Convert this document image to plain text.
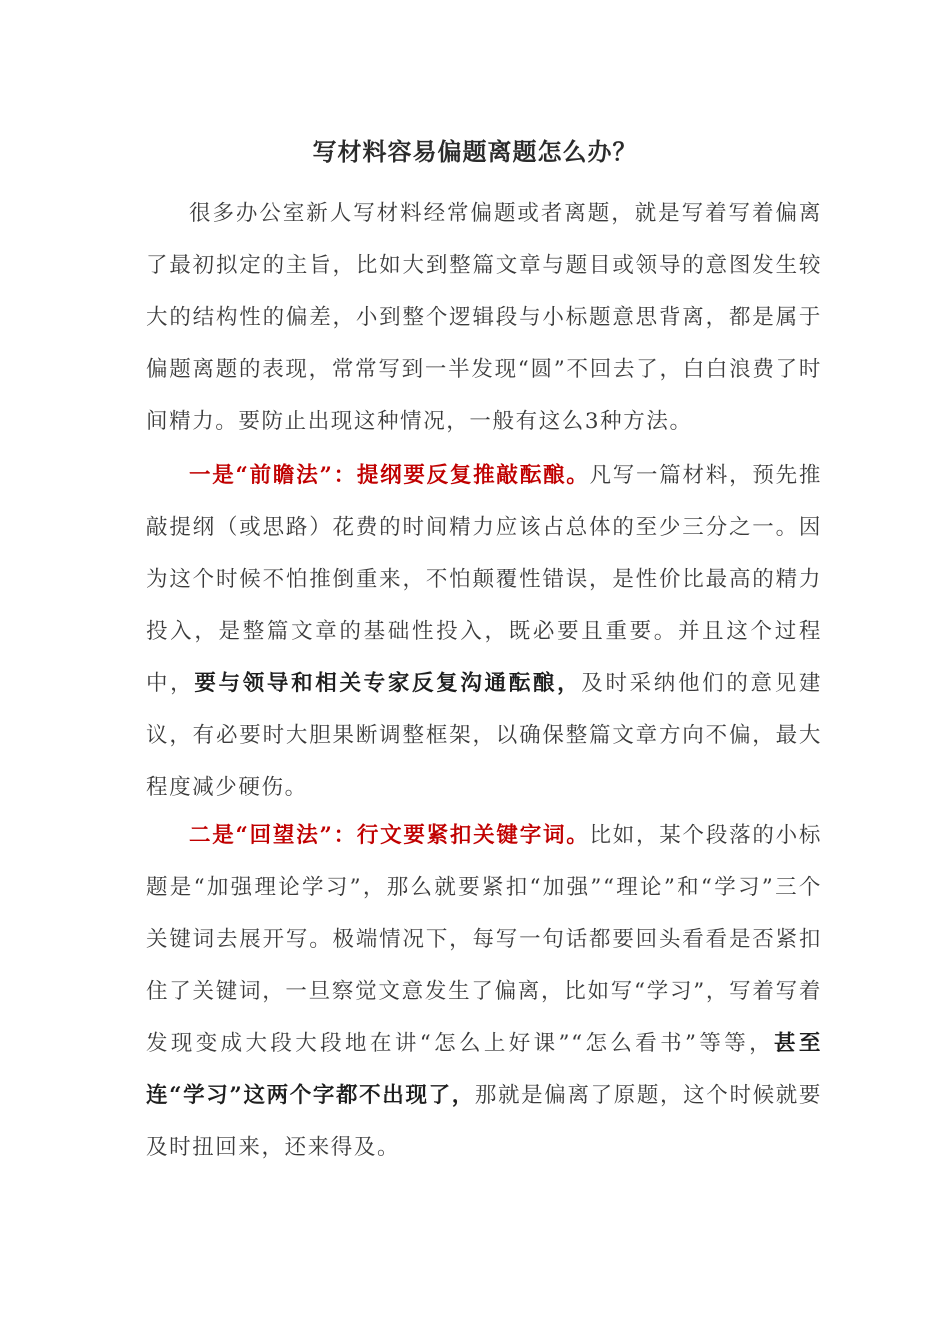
写材料容易偏题离题怎么办？

很多办公室新人写材料经常偏题或者离题，就是写着写着偏离了最初拟定的主旨，比如大到整篇文章与题目或领导的意图发生较大的结构性的偏差，小到整个逻辑段与小标题意思背离，都是属于偏题离题的表现，常常写到一半发现“圆”不回去了，白白浪费了时间精力。要防止出现这种情况，一般有这么3种方法。

一是“前瞻法”：提纲要反复推敲酝酿。凡写一篇材料，预先推敲提纲（或思路）花费的时间精力应该占总体的至少三分之一。因为这个时候不怕推倒重来，不怕颠覆性错误，是性价比最高的精力投入，是整篇文章的基础性投入，既必要且重要。并且这个过程中，要与领导和相关专家反复沟通酝酿，及时采纳他们的意见建议，有必要时大胆果断调整框架，以确保整篇文章方向不偏，最大程度减少硬伤。

二是“回望法”：行文要紧扣关键字词。比如，某个段落的小标题是“加强理论学习”，那么就要紧扣“加强”“理论”和“学习”三个关键词去展开写。极端情况下，每写一句话都要回头看看是否紧扣住了关键词，一旦察觉文意发生了偏离，比如写“学习”，写着写着发现变成大段大段地在讲“怎么上好课”“怎么看书”等等，甚至连“学习”这两个字都不出现了，那就是偏离了原题，这个时候就要及时扭回来，还来得及。
